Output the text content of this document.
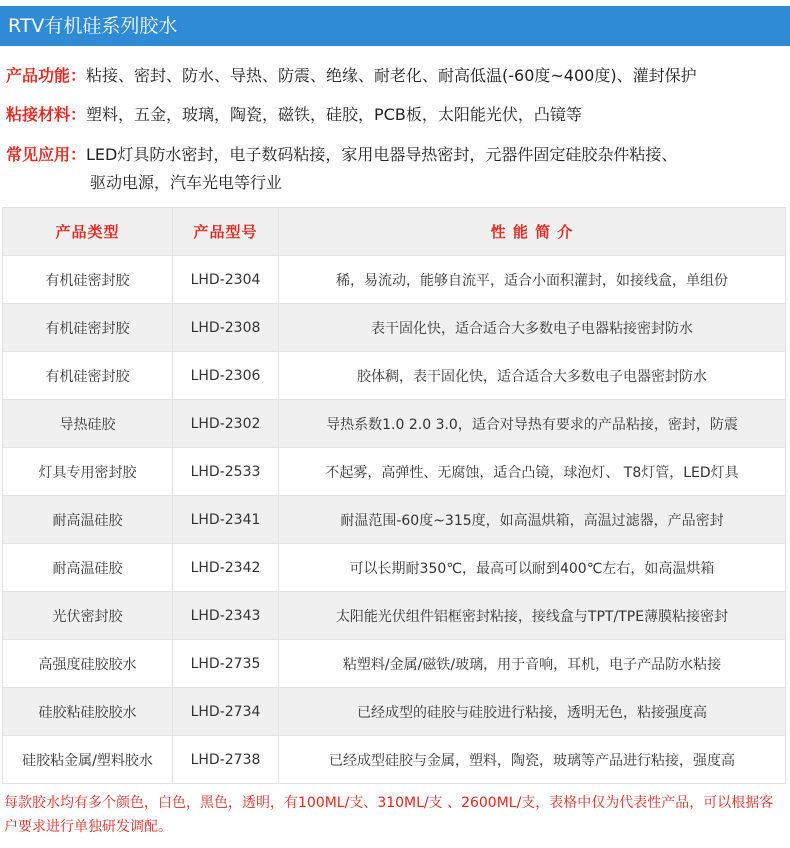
RTV有机硅系列胶水
产品功能：粘接、密封、防水、导热、防震、绝缘、耐老化、耐高低温(-60度~400度)、灌封保护
粘接材料：塑料，五金，玻璃，陶瓷，磁铁，硅胶，PCB板，太阳能光伏，凸镜等
常见应用：LED灯具防水密封，电子数码粘接，家用电器导热密封，元器件固定硅胶杂件粘接、
驱动电源，汽车光电等行业
产品类型	产品型号	性 能 简 介
有机硅密封胶	LHD-2304	稀，易流动，能够自流平，适合小面积灌封，如接线盒，单组份
有机硅密封胶	LHD-2308	表干固化快，适合适合大多数电子电器粘接密封防水
有机硅密封胶	LHD-2306	胶体稠，表干固化快，适合适合大多数电子电器密封防水
导热硅胶	LHD-2302	导热系数1.0 2.0 3.0，适合对导热有要求的产品粘接，密封，防震
灯具专用密封胶	LHD-2533	不起雾，高弹性、无腐蚀，适合凸镜，球泡灯、 T8灯管，LED灯具
耐高温硅胶	LHD-2341	耐温范围-60度~315度，如高温烘箱，高温过滤器，产品密封
耐高温硅胶	LHD-2342	可以长期耐350℃，最高可以耐到400℃左右，如高温烘箱
光伏密封胶	LHD-2343	太阳能光伏组件铝框密封粘接，接线盒与TPT/TPE薄膜粘接密封
高强度硅胶胶水	LHD-2735	粘塑料/金属/磁铁/玻璃，用于音响，耳机，电子产品防水粘接
硅胶粘硅胶胶水	LHD-2734	已经成型的硅胶与硅胶进行粘接，透明无色，粘接强度高
硅胶粘金属/塑料胶水	LHD-2738	已经成型硅胶与金属，塑料，陶瓷，玻璃等产品进行粘接，强度高
每款胶水均有多个颜色，白色，黑色，透明，有100ML/支、310ML/支 、2600ML/支，表格中仅为代表性产品，可以根据客户要求进行单独研发调配。
